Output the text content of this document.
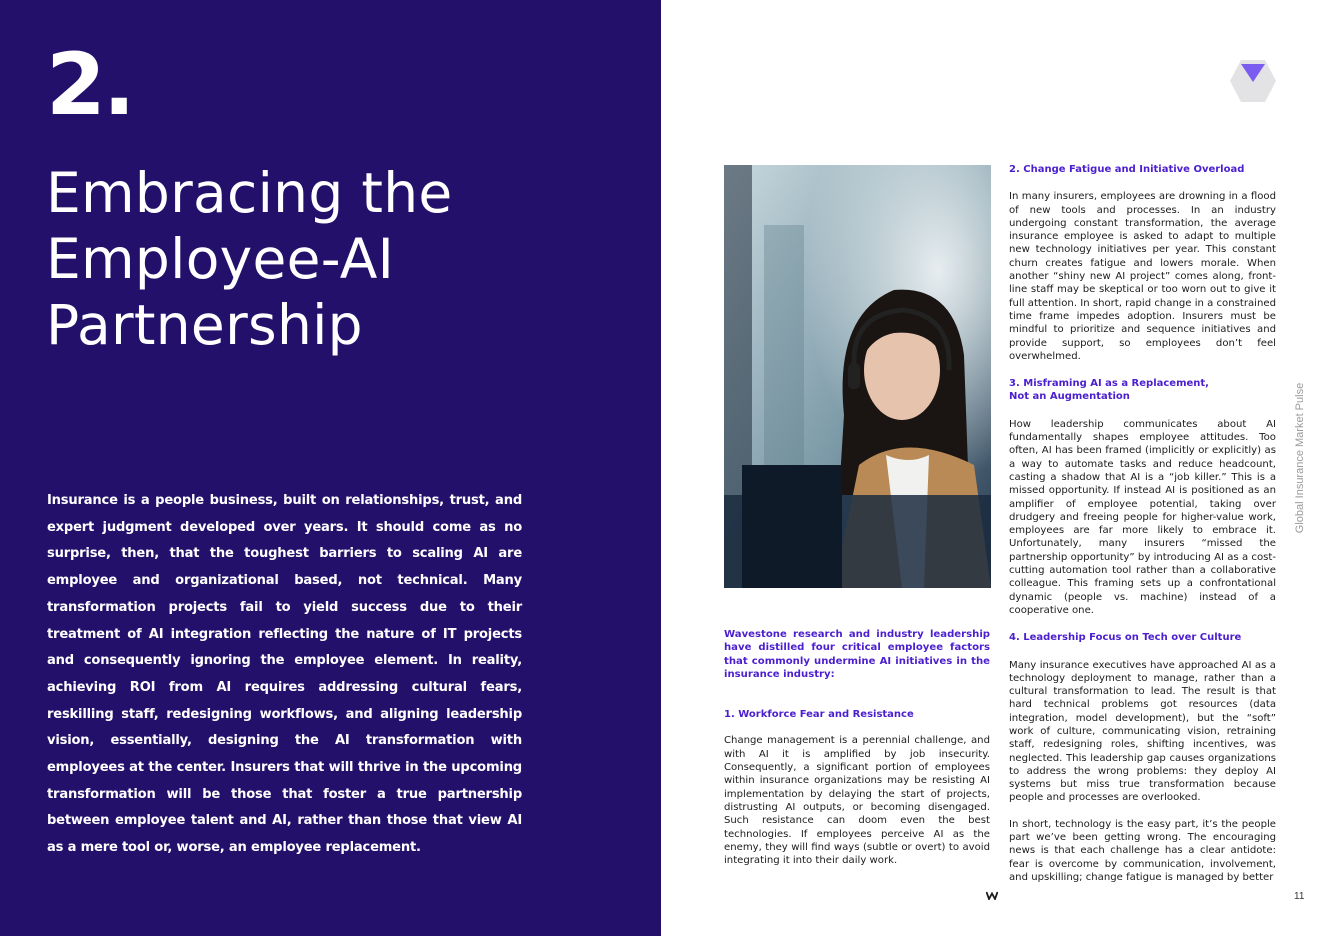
2.
Embracing the Employee-AI Partnership

Insurance is a people business, built on relationships, trust, and expert judgment developed over years. It should come as no surprise, then, that the toughest barriers to scaling AI are employee and organizational based, not technical. Many transformation projects fail to yield success due to their treatment of AI integration reflecting the nature of IT projects and consequently ignoring the employee element. In reality, achieving ROI from AI requires addressing cultural fears, reskilling staff, redesigning workflows, and aligning leadership vision, essentially, designing the AI transformation with employees at the center. Insurers that will thrive in the upcoming transformation will be those that foster a true partnership between employee talent and AI, rather than those that view AI as a mere tool or, worse, an employee replacement.

Wavestone research and industry leadership have distilled four critical employee factors that commonly undermine AI initiatives in the insurance industry:

1. Workforce Fear and Resistance

Change management is a perennial challenge, and with AI it is amplified by job insecurity. Consequently, a significant portion of employees within insurance organizations may be resisting AI implementation by delaying the start of projects, distrusting AI outputs, or becoming disengaged. Such resistance can doom even the best technologies. If employees perceive AI as the enemy, they will find ways (subtle or overt) to avoid integrating it into their daily work.

2. Change Fatigue and Initiative Overload

In many insurers, employees are drowning in a flood of new tools and processes. In an industry undergoing constant transformation, the average insurance employee is asked to adapt to multiple new technology initiatives per year. This constant churn creates fatigue and lowers morale. When another “shiny new AI project” comes along, front-line staff may be skeptical or too worn out to give it full attention. In short, rapid change in a constrained time frame impedes adoption. Insurers must be mindful to prioritize and sequence initiatives and provide support, so employees don’t feel overwhelmed.

3. Misframing AI as a Replacement,
Not an Augmentation

How leadership communicates about AI fundamentally shapes employee attitudes. Too often, AI has been framed (implicitly or explicitly) as a way to automate tasks and reduce headcount, casting a shadow that AI is a “job killer.” This is a missed opportunity. If instead AI is positioned as an amplifier of employee potential, taking over drudgery and freeing people for higher-value work, employees are far more likely to embrace it. Unfortunately, many insurers “missed the partnership opportunity” by introducing AI as a cost-cutting automation tool rather than a collaborative colleague. This framing sets up a confrontational dynamic (people vs. machine) instead of a cooperative one.

4. Leadership Focus on Tech over Culture

Many insurance executives have approached AI as a technology deployment to manage, rather than a cultural transformation to lead. The result is that hard technical problems got resources (data integration, model development), but the “soft” work of culture, communicating vision, retraining staff, redesigning roles, shifting incentives, was neglected. This leadership gap causes organizations to address the wrong problems: they deploy AI systems but miss true transformation because people and processes are overlooked.

In short, technology is the easy part, it’s the people part we’ve been getting wrong. The encouraging news is that each challenge has a clear antidote: fear is overcome by communication, involvement, and upskilling; change fatigue is managed by better

Global Insurance Market Pulse
11
